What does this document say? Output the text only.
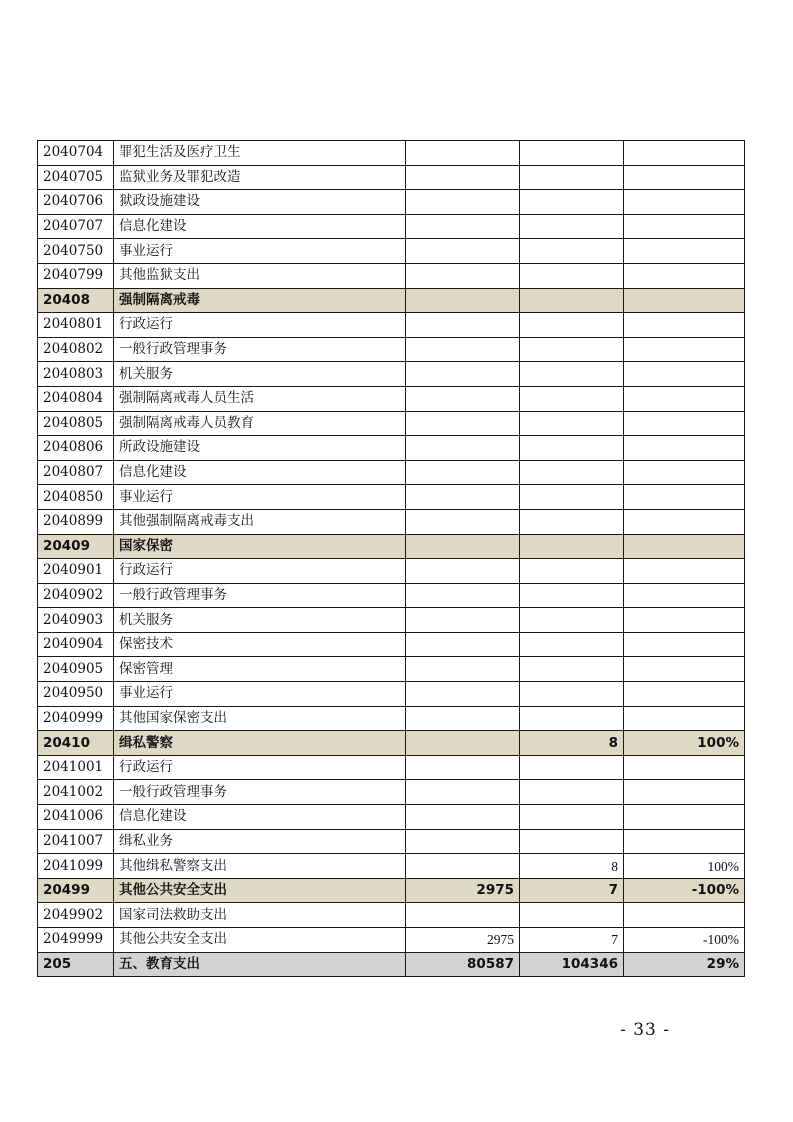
2040704	罪犯生活及医疗卫生			
2040705	监狱业务及罪犯改造			
2040706	狱政设施建设			
2040707	信息化建设			
2040750	事业运行			
2040799	其他监狱支出			
20408	强制隔离戒毒			
2040801	行政运行			
2040802	一般行政管理事务			
2040803	机关服务			
2040804	强制隔离戒毒人员生活			
2040805	强制隔离戒毒人员教育			
2040806	所政设施建设			
2040807	信息化建设			
2040850	事业运行			
2040899	其他强制隔离戒毒支出			
20409	国家保密			
2040901	行政运行			
2040902	一般行政管理事务			
2040903	机关服务			
2040904	保密技术			
2040905	保密管理			
2040950	事业运行			
2040999	其他国家保密支出			
20410	缉私警察		8	100%
2041001	行政运行			
2041002	一般行政管理事务			
2041006	信息化建设			
2041007	缉私业务			
2041099	其他缉私警察支出		8	100%
20499	其他公共安全支出	2975	7	-100%
2049902	国家司法救助支出			
2049999	其他公共安全支出	2975	7	-100%
205	五、教育支出	80587	104346	29%
- 33 -
